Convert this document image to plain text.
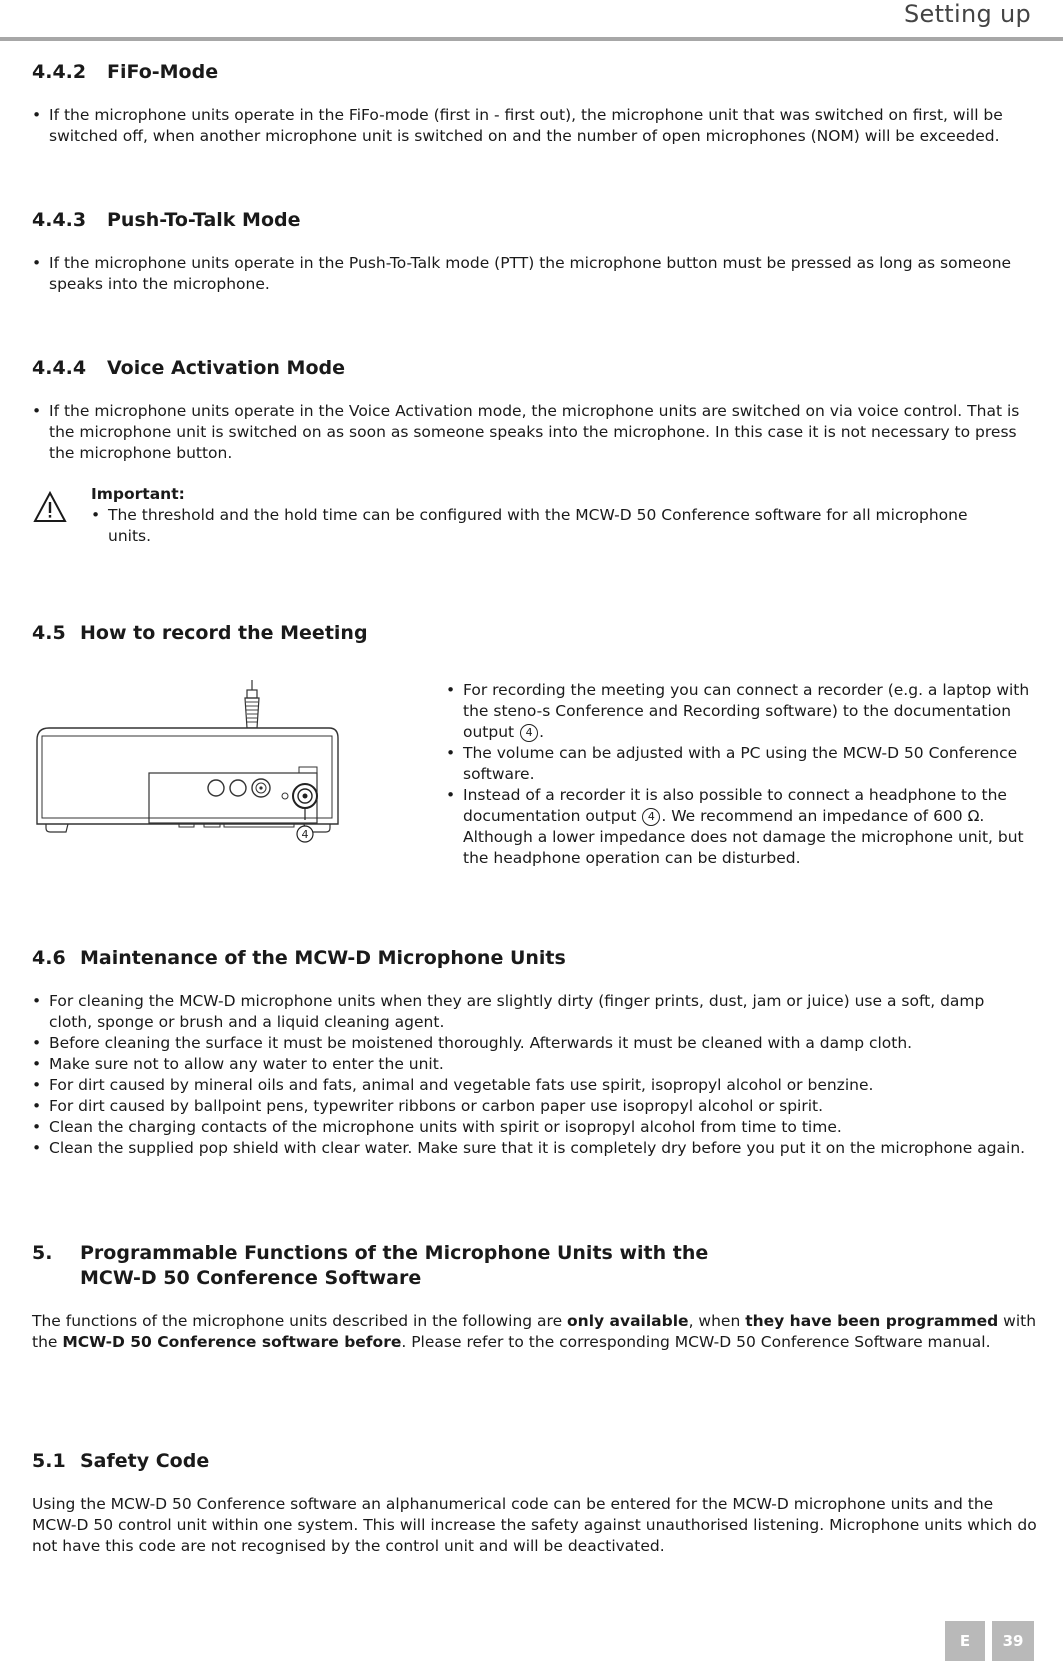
Setting up
4.4.2 FiFo-Mode
• If the microphone units operate in the FiFo-mode (first in - first out), the microphone unit that was switched on first, will be switched off, when another microphone unit is switched on and the number of open microphones (NOM) will be exceeded.
4.4.3 Push-To-Talk Mode
• If the microphone units operate in the Push-To-Talk mode (PTT) the microphone button must be pressed as long as someone speaks into the microphone.
4.4.4 Voice Activation Mode
• If the microphone units operate in the Voice Activation mode, the microphone units are switched on via voice control. That is the microphone unit is switched on as soon as someone speaks into the microphone. In this case it is not necessary to press the microphone button.
Important:
• The threshold and the hold time can be configured with the MCW-D 50 Conference software for all microphone units.
4.5 How to record the Meeting
4
• For recording the meeting you can connect a recorder (e.g. a laptop with the steno-s Conference and Recording software) to the documentation output 4 .
• The volume can be adjusted with a PC using the MCW-D 50 Conference software.
• Instead of a recorder it is also possible to connect a headphone to the documentation output 4 . We recommend an impedance of 600 Ω. Although a lower impedance does not damage the microphone unit, but the headphone operation can be disturbed.
4.6 Maintenance of the MCW-D Microphone Units
• For cleaning the MCW-D microphone units when they are slightly dirty (finger prints, dust, jam or juice) use a soft, damp cloth, sponge or brush and a liquid cleaning agent.
• Before cleaning the surface it must be moistened thoroughly. Afterwards it must be cleaned with a damp cloth.
• Make sure not to allow any water to enter the unit.
• For dirt caused by mineral oils and fats, animal and vegetable fats use spirit, isopropyl alcohol or benzine.
• For dirt caused by ballpoint pens, typewriter ribbons or carbon paper use isopropyl alcohol or spirit.
• Clean the charging contacts of the microphone units with spirit or isopropyl alcohol from time to time.
• Clean the supplied pop shield with clear water. Make sure that it is completely dry before you put it on the microphone again.
5. Programmable Functions of the Microphone Units with the
MCW-D 50 Conference Software

The functions of the microphone units described in the following are only available, when they have been programmed with the MCW-D 50 Conference software before. Please refer to the corresponding MCW-D 50 Conference Software manual.

5.1 Safety Code

Using the MCW-D 50 Conference software an alphanumerical code can be entered for the MCW-D microphone units and the MCW-D 50 control unit within one system. This will increase the safety against unauthorised listening. Microphone units which do not have this code are not recognised by the control unit and will be deactivated.

E	39
